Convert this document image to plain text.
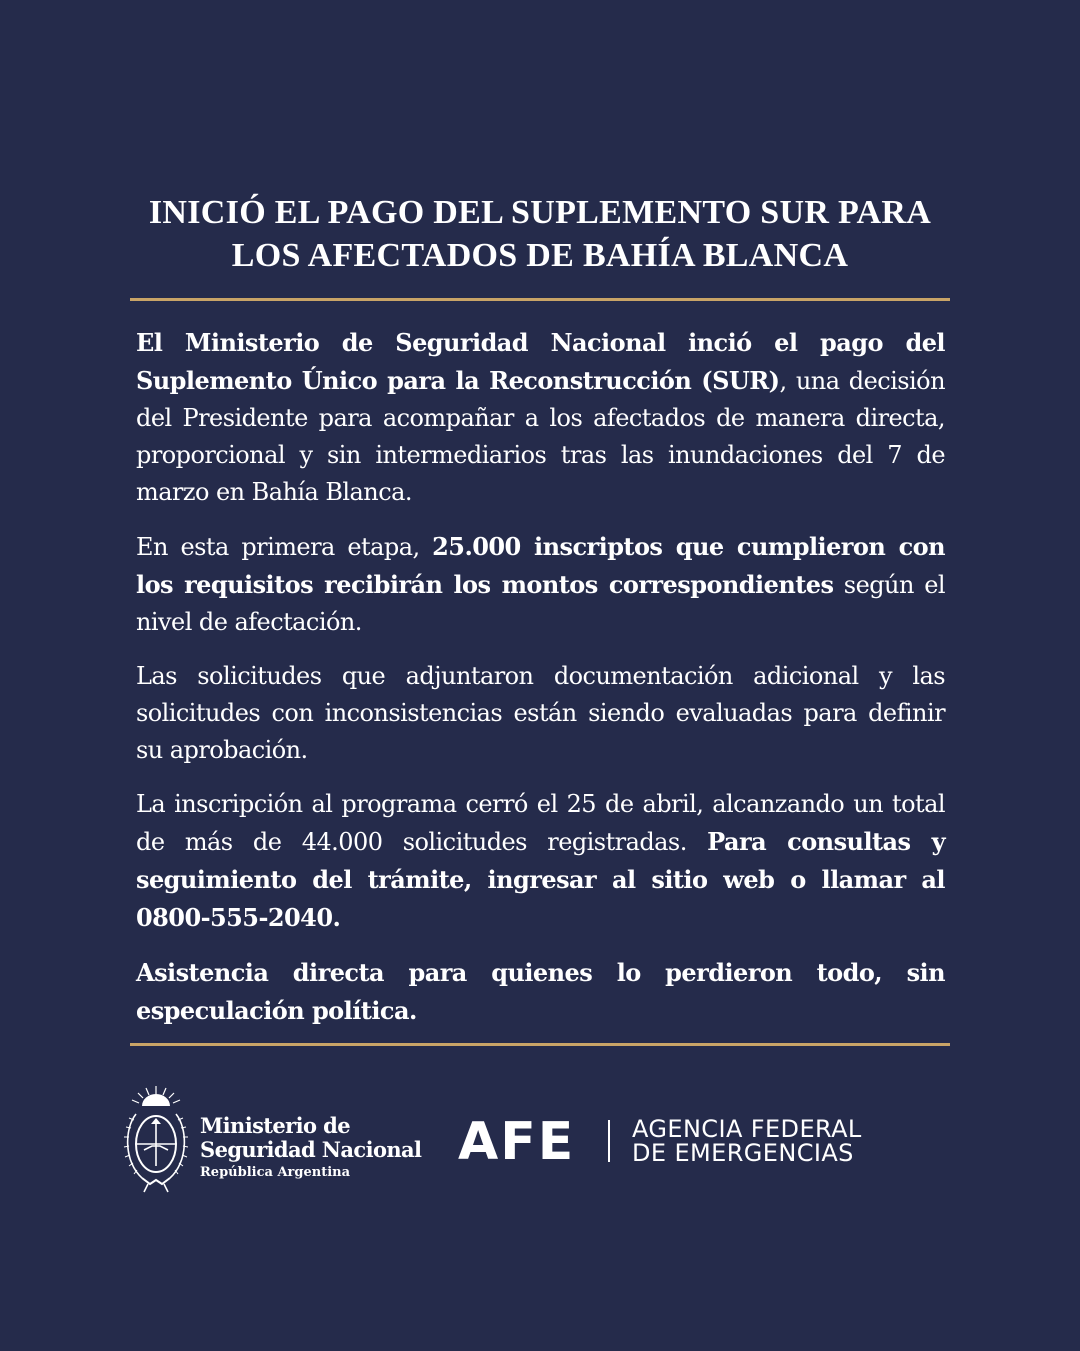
INICIÓ EL PAGO DEL SUPLEMENTO SUR PARA
LOS AFECTADOS DE BAHÍA BLANCA

El Ministerio de Seguridad Nacional inció el pago del Suplemento Único para la Reconstrucción (SUR), una decisión del Presidente para acompañar a los afectados de manera directa, proporcional y sin intermediarios tras las inundaciones del 7 de marzo en Bahía Blanca.

En esta primera etapa, 25.000 inscriptos que cumplieron con los requisitos recibirán los montos correspondientes según el nivel de afectación.

Las solicitudes que adjuntaron documentación adicional y las solicitudes con inconsistencias están siendo evaluadas para definir su aprobación.

La inscripción al programa cerró el 25 de abril, alcanzando un total de más de 44.000 solicitudes registradas. Para consultas y seguimiento del trámite, ingresar al sitio web o llamar al 0800-555-2040.

Asistencia directa para quienes lo perdieron todo, sin especulación política.

Ministerio de
Seguridad Nacional
República Argentina
AFE AGENCIA FEDERAL
DE EMERGENCIAS
